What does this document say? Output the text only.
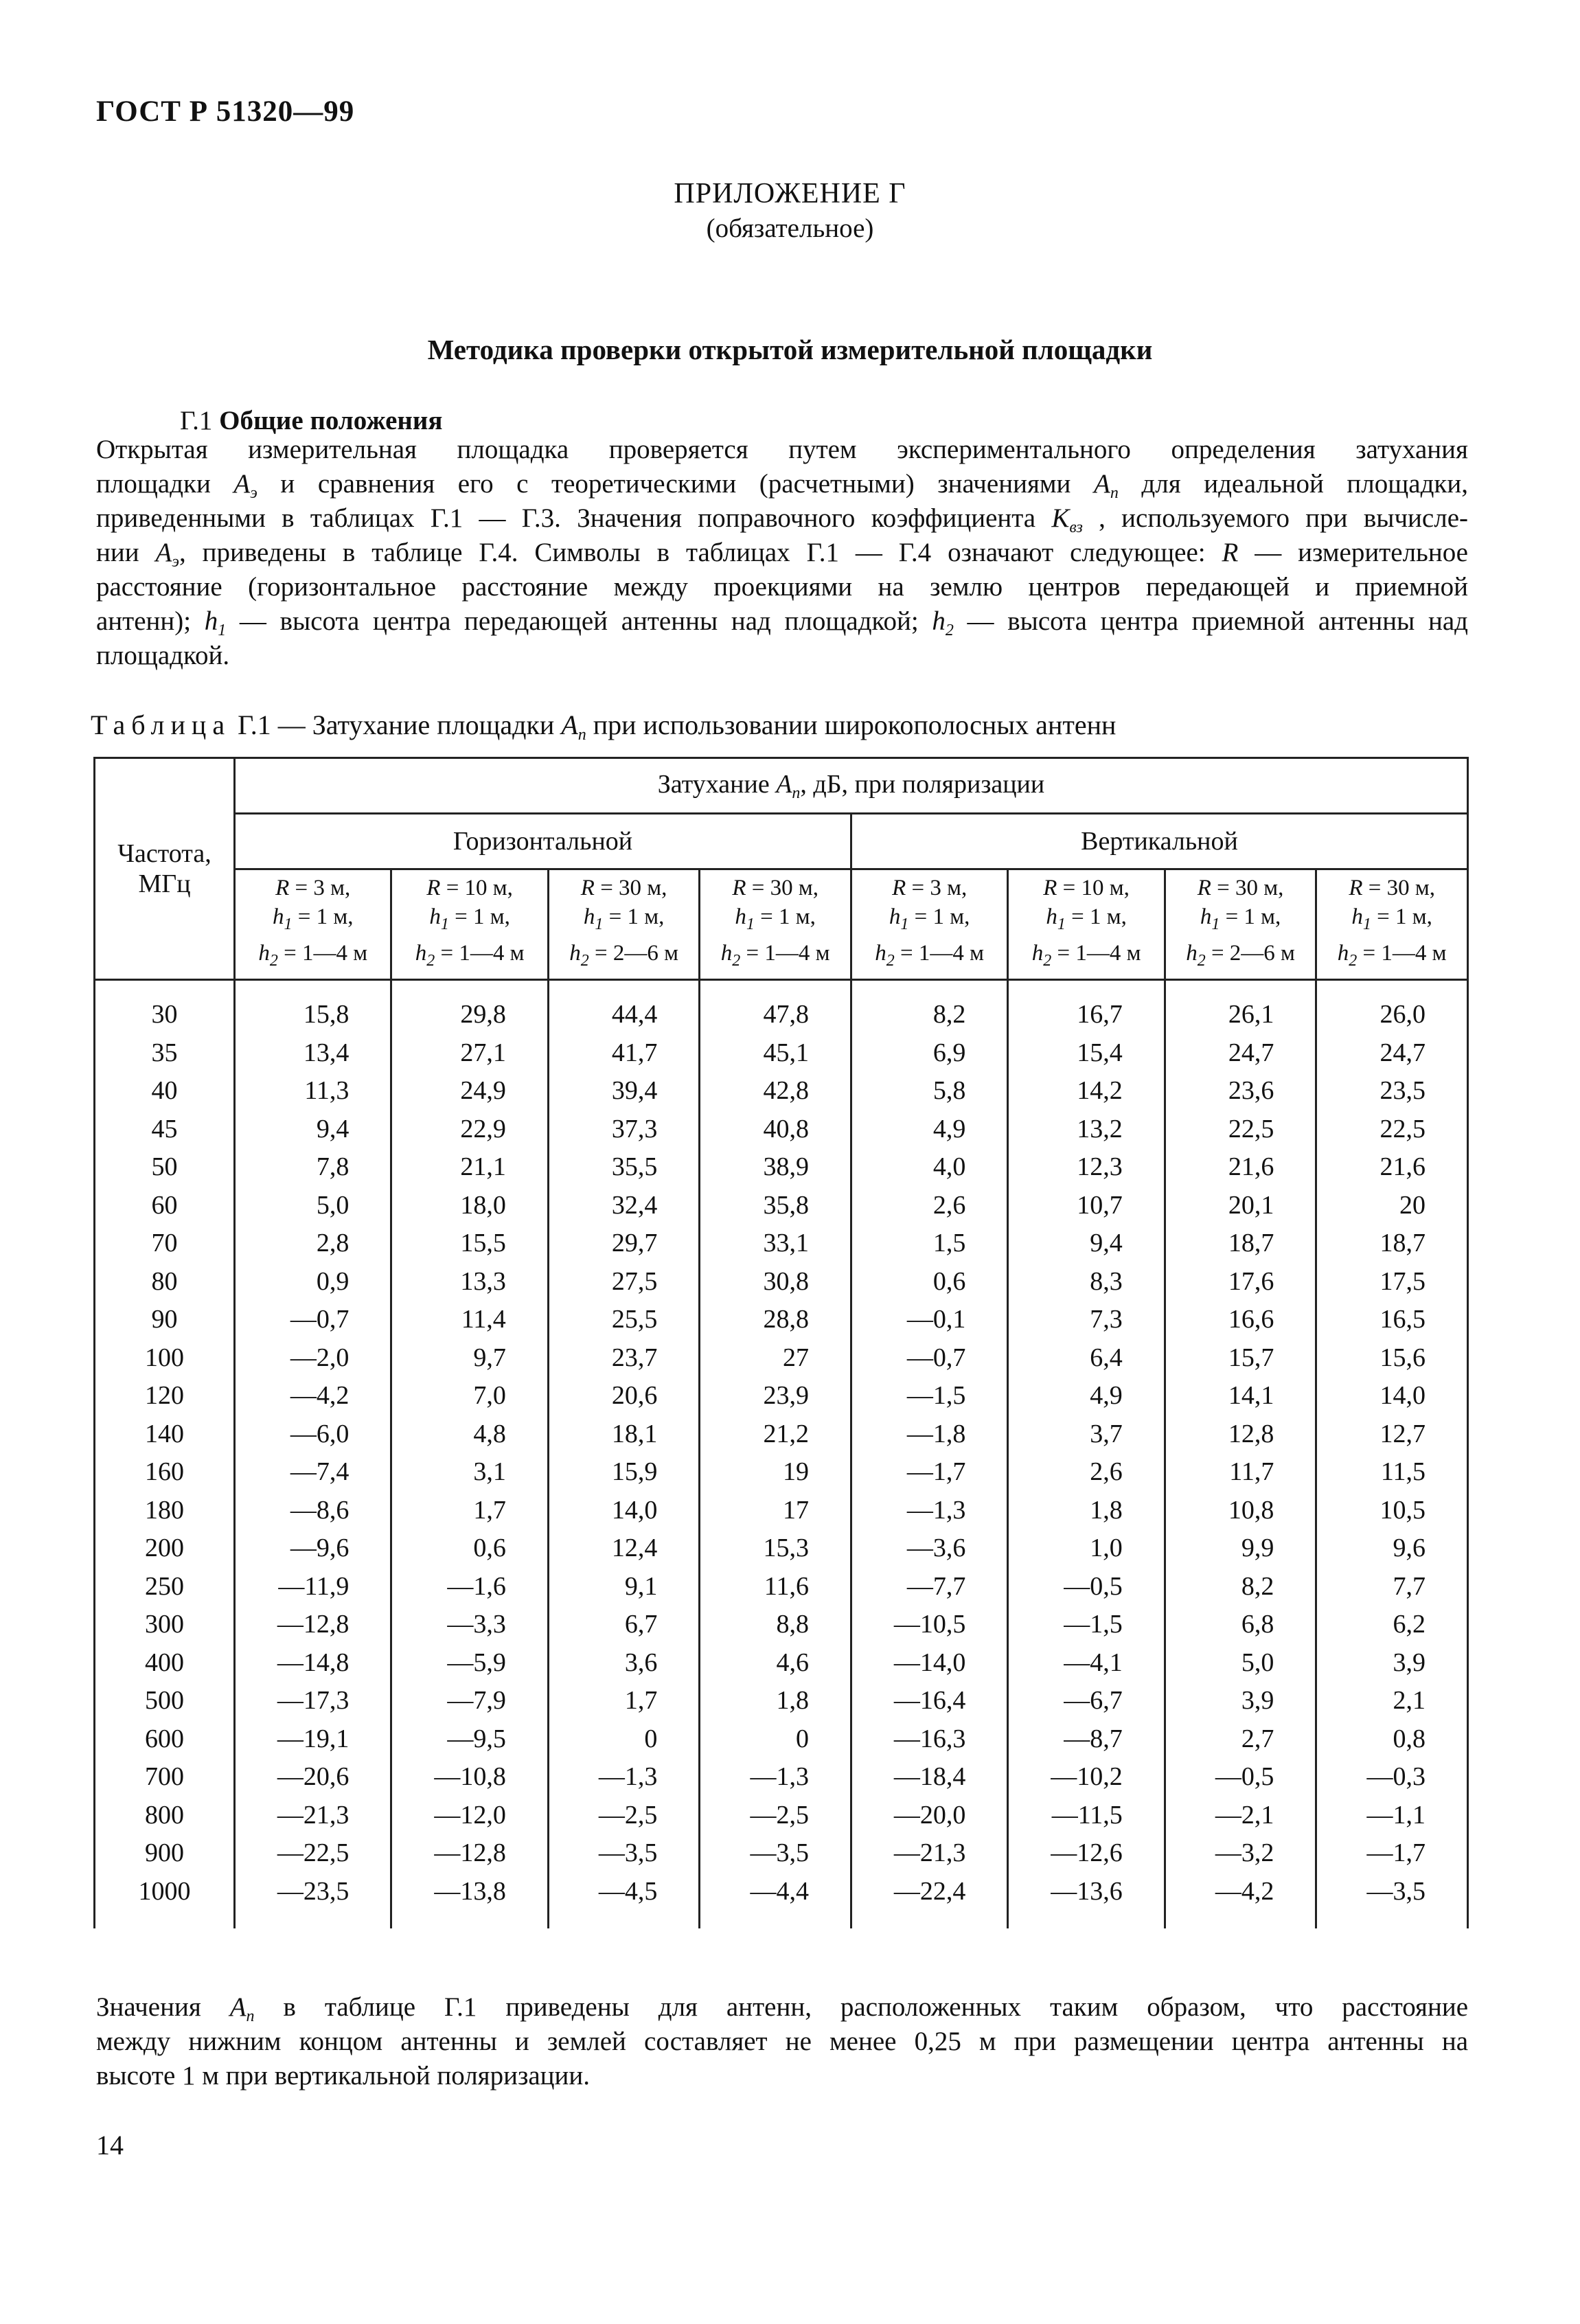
ГОСТ Р 51320—99
ПРИЛОЖЕНИЕ Г
(обязательное)
Методика проверки открытой измерительной площадки
Г.1 Общие положения
Открытая измерительная площадка проверяется путем экспериментального определения затухания
площадки $A_э$ и сравнения его с теоретическими (расчетными) значениями $A_п$ для идеальной площадки,
приведенными в таблицах Г.1 — Г.3. Значения поправочного коэффициента $K_{вз}$ , используемого при вычисле-
нии $A_э$, приведены в таблице Г.4. Символы в таблицах Г.1 — Г.4 означают следующее: R — измерительное
расстояние (горизонтальное расстояние между проекциями на землю центров передающей и приемной
антенн); $h_1$ — высота центра передающей антенны над площадкой; $h_2$ — высота центра приемной антенны над
площадкой.
Таблица Г.1 — Затухание площадки $A_п$ при использовании широкополосных антенн
Частота,
МГц	Затухание $A_п$, дБ, при поляризации							
	Горизонтальной				Вертикальной			
	R = 3 м,
$h_1 = 1$ м,
$h_2$ = 1—4 м	R = 10 м,
$h_1 = 1$ м,
$h_2$ = 1—4 м	R = 30 м,
$h_1 = 1$ м,
$h_2$ = 2—6 м	R = 30 м,
$h_1 = 1$ м,
$h_2$ = 1—4 м	R = 3 м,
$h_1 = 1$ м,
$h_2$ = 1—4 м	R = 10 м,
$h_1 = 1$ м,
$h_2$ = 1—4 м	R = 30 м,
$h_1 = 1$ м,
$h_2$ = 2—6 м	R = 30 м,
$h_1 = 1$ м,
$h_2$ = 1—4 м
30	15,8	29,8	44,4	47,8	8,2	16,7	26,1	26,0
35	13,4	27,1	41,7	45,1	6,9	15,4	24,7	24,7
40	11,3	24,9	39,4	42,8	5,8	14,2	23,6	23,5
45	9,4	22,9	37,3	40,8	4,9	13,2	22,5	22,5
50	7,8	21,1	35,5	38,9	4,0	12,3	21,6	21,6
60	5,0	18,0	32,4	35,8	2,6	10,7	20,1	20
70	2,8	15,5	29,7	33,1	1,5	9,4	18,7	18,7
80	0,9	13,3	27,5	30,8	0,6	8,3	17,6	17,5
90	—0,7	11,4	25,5	28,8	—0,1	7,3	16,6	16,5
100	—2,0	9,7	23,7	27	—0,7	6,4	15,7	15,6
120	—4,2	7,0	20,6	23,9	—1,5	4,9	14,1	14,0
140	—6,0	4,8	18,1	21,2	—1,8	3,7	12,8	12,7
160	—7,4	3,1	15,9	19	—1,7	2,6	11,7	11,5
180	—8,6	1,7	14,0	17	—1,3	1,8	10,8	10,5
200	—9,6	0,6	12,4	15,3	—3,6	1,0	9,9	9,6
250	—11,9	—1,6	9,1	11,6	—7,7	—0,5	8,2	7,7
300	—12,8	—3,3	6,7	8,8	—10,5	—1,5	6,8	6,2
400	—14,8	—5,9	3,6	4,6	—14,0	—4,1	5,0	3,9
500	—17,3	—7,9	1,7	1,8	—16,4	—6,7	3,9	2,1
600	—19,1	—9,5	0	0	—16,3	—8,7	2,7	0,8
700	—20,6	—10,8	—1,3	—1,3	—18,4	—10,2	—0,5	—0,3
800	—21,3	—12,0	—2,5	—2,5	—20,0	—11,5	—2,1	—1,1
900	—22,5	—12,8	—3,5	—3,5	—21,3	—12,6	—3,2	—1,7
1000	—23,5	—13,8	—4,5	—4,4	—22,4	—13,6	—4,2	—3,5
Значения $A_п$ в таблице Г.1 приведены для антенн, расположенных таким образом, что расстояние
между нижним концом антенны и землей составляет не менее 0,25 м при размещении центра антенны на
высоте 1 м при вертикальной поляризации.
14
